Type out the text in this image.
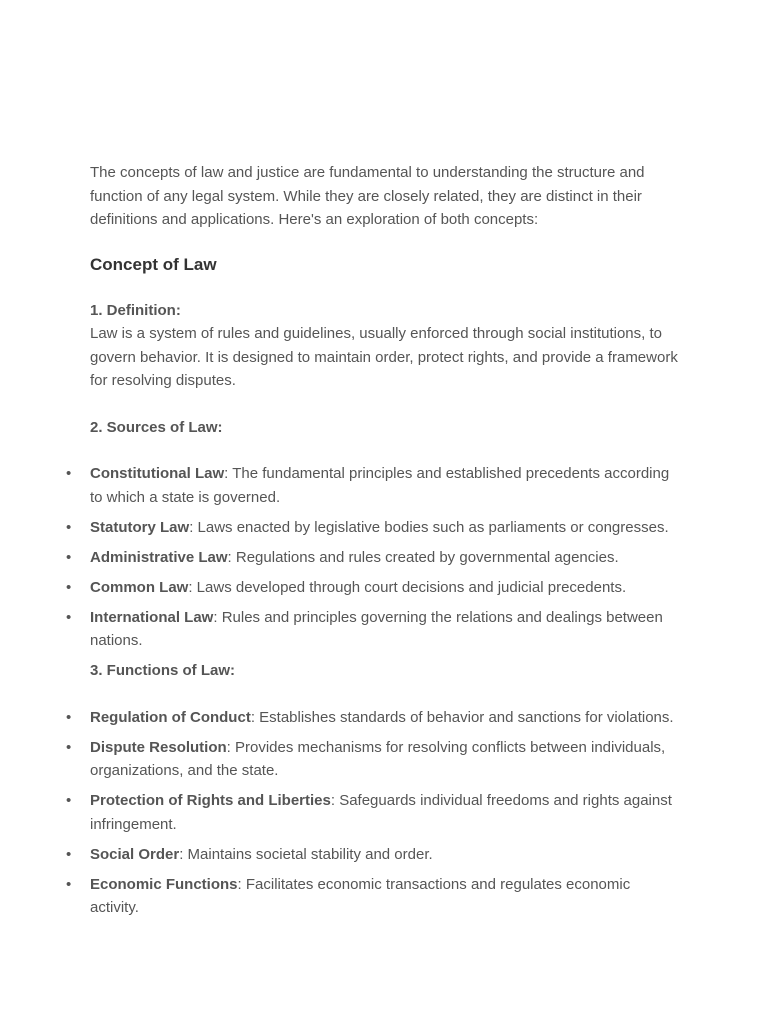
The concepts of law and justice are fundamental to understanding the structure and function of any legal system. While they are closely related, they are distinct in their definitions and applications. Here's an exploration of both concepts:

Concept of Law

1. Definition:

Law is a system of rules and guidelines, usually enforced through social institutions, to govern behavior. It is designed to maintain order, protect rights, and provide a framework for resolving disputes.

2. Sources of Law:

• Constitutional Law: The fundamental principles and established precedents according to which a state is governed.
• Statutory Law: Laws enacted by legislative bodies such as parliaments or congresses.
• Administrative Law: Regulations and rules created by governmental agencies.
• Common Law: Laws developed through court decisions and judicial precedents.
• International Law: Rules and principles governing the relations and dealings between nations.

3. Functions of Law:

• Regulation of Conduct: Establishes standards of behavior and sanctions for violations.
• Dispute Resolution: Provides mechanisms for resolving conflicts between individuals, organizations, and the state.
• Protection of Rights and Liberties: Safeguards individual freedoms and rights against infringement.
• Social Order: Maintains societal stability and order.
• Economic Functions: Facilitates economic transactions and regulates economic activity.
